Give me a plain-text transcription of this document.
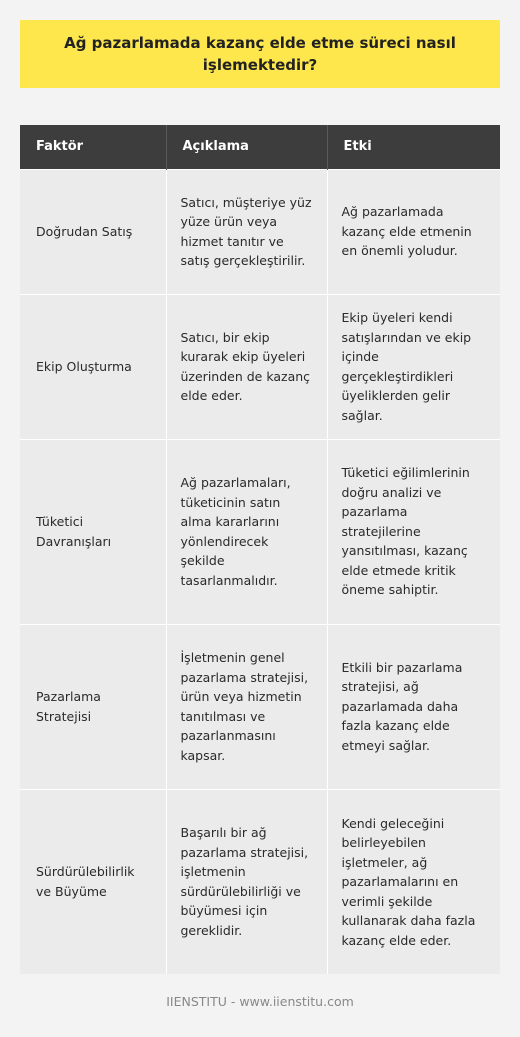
Ağ pazarlamada kazanç elde etme süreci nasıl işlemektedir?
Faktör	Açıklama	Etki
Doğrudan Satış	Satıcı, müşteriye yüz yüze ürün veya hizmet tanıtır ve satış gerçekleştirilir.	Ağ pazarlamada kazanç elde etmenin en önemli yoludur.
Ekip Oluşturma	Satıcı, bir ekip kurarak ekip üyeleri üzerinden de kazanç elde eder.	Ekip üyeleri kendi satışlarından ve ekip içinde gerçekleştirdikleri üyeliklerden gelir sağlar.
Tüketici Davranışları	Ağ pazarlamaları, tüketicinin satın alma kararlarını yönlendirecek şekilde tasarlanmalıdır.	Tüketici eğilimlerinin doğru analizi ve pazarlama stratejilerine yansıtılması, kazanç elde etmede kritik öneme sahiptir.
Pazarlama Stratejisi	İşletmenin genel pazarlama stratejisi, ürün veya hizmetin tanıtılması ve pazarlanmasını kapsar.	Etkili bir pazarlama stratejisi, ağ pazarlamada daha fazla kazanç elde etmeyi sağlar.
Sürdürülebilirlik ve Büyüme	Başarılı bir ağ pazarlama stratejisi, işletmenin sürdürülebilirliği ve büyümesi için gereklidir.	Kendi geleceğini belirleyebilen işletmeler, ağ pazarlamalarını en verimli şekilde kullanarak daha fazla kazanç elde eder.
IIENSTITU - www.iienstitu.com
